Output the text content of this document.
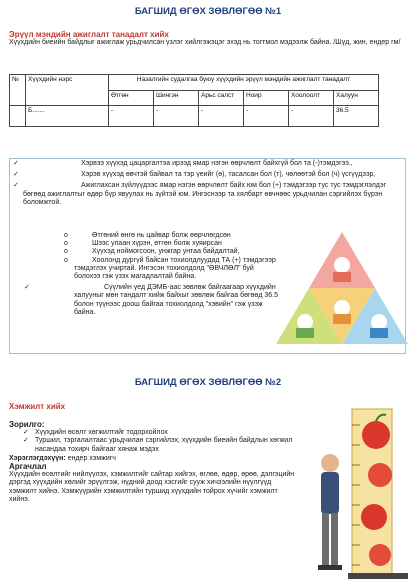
БАГШИД ӨГӨХ ЗӨВЛӨГӨӨ №1
Эрүүл мэндийн ажиглалт танадалт хийх
Хүүхдийн биеийн байдлыг ажиглаж урьдчилсан үзлэг хийлгэжэцэг эхэд нь тогтмол мэдээлж байна. /Шүд, жин, ендер гм/
№	Хүүхдийн нэрс	Назалгийн судалгаа буюу хүүхдийн эрүүл мэндийн ажиглалт танадалт					
		Өтгөн	Шингэн	Арьс салст	Ноир	Хоолоолт	Халуун
	Б.......	-	-	-	-	-	36.5
✓	Хэрвээ хүүхэд цацаргалтэа ирээд ямар нэгэн өөрчлөлт байхгүй бол та (-)тэмдэгээ.,
✓	Хэрэв хүүхэд өвчтэй байвал та тэр үеийг (ө), тасалсан бол (т), чөлөөтэй бол (ч) үсгүүдээр,
✓	Ажиглахсан зүйлүүдээс ямар нэгэн өөрчлөлт байх юм бол (+) тэмдэгээр тус тус тэмдэглэлдэг бөгөөд ажиглалтыг өдөр бүр явуулах нь зүйтэй юм. Ингэснээр та хялбарт өвчнөөс урьдчилан сэргийлэх бүрэн боломжтой.
o	Өтгөний өнгө нь цайвар болж өөрчлөгдсөн
o	Шээс улаан хүрэн, өтгөн болж хуяирсан
o	Хүүхэд ноймогсоон, унжгар унтаа байдалтай,
o	Хоолонд дургүй байсан тохиолдлуудад ТА (+) тэмдэгээр тэмдэглэх учиртай. Ингэсэн тохиолдолд "ӨВЧЛӨЛ" буй болохээ гэж үзэх магадлалтай байна.
✓	Сүүлийн үед ДЭМБ-аас зөвлөж байгаагаар хүүхдийн халууныг мөн тандалт хийж байхыг зөвлөж байгаа бөгөөд 36.5 болон түүнээс доош байгаа тохиолдолд "хэвийн" гэж үзэж байна.
БАГШИД ӨГӨХ ЗӨВЛӨГӨӨ №2
Хэмжилт хийх
Зорилго:
✓ Хүүхдийн өсөлт хөгжилтийг тодорхойлох
✓ Туршил, тэргалалтаас урьдчилан сэргийлэх, хүүхдийн биеийн байдлын хөгжил насандаа тохирч байгааг хянаж мэдэх
Хэрэглэгдэхүүн: ендер хэмжигч
Аргачлал
Хүүхдийн өсөлтийг нийлүүлэх, хэмжилтийг сайтар хийгэх, өглөө, өдөр, өрөө, дэлгэцийн дэргэд хүүхдийн хөлийг эрүүлгэж, нүдний доод хэсгийг сууж хичээлийн нүүлгүүд хэмжилт хийнэ. Хэмжүүрийн хэмжилтийн туршид хүүхдийн тойрох хүчийг хэмжилт хийнэ.
